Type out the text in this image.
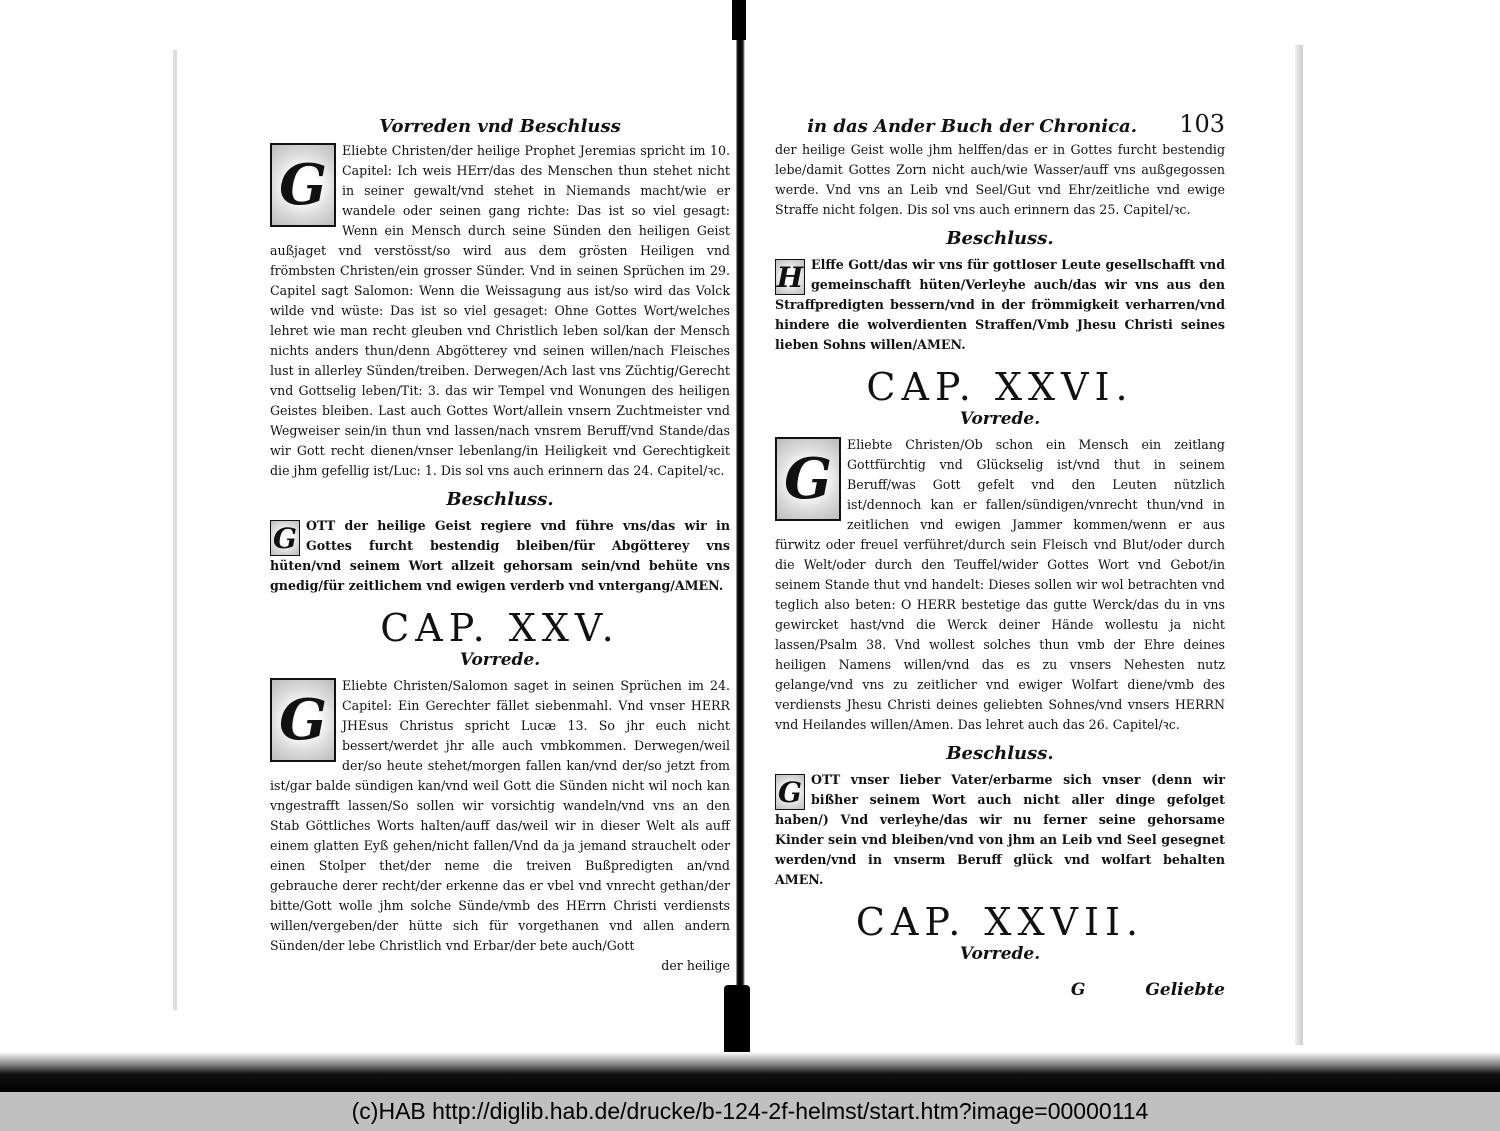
Vorreden vnd Beschluss
G

Eliebte Christen/der heilige Prophet Jeremias spricht im 10. Capitel: Ich weis HErr/das des Menschen thun stehet nicht in seiner gewalt/vnd stehet in Niemands macht/wie er wandele oder seinen gang richte: Das ist so viel gesagt: Wenn ein Mensch durch seine Sünden den heiligen Geist außjaget vnd verstösst/so wird aus dem grösten Heiligen vnd frömbsten Christen/ein grosser Sünder. Vnd in seinen Sprüchen im 29. Capitel sagt Salomon: Wenn die Weissagung aus ist/so wird das Volck wilde vnd wüste: Das ist so viel gesaget: Ohne Gottes Wort/welches lehret wie man recht gleuben vnd Christlich leben sol/kan der Mensch nichts anders thun/denn Abgötterey vnd seinen willen/nach Fleisches lust in allerley Sünden/treiben. Derwegen/Ach last vns Züchtig/Gerecht vnd Gottselig leben/Tit: 3. das wir Tempel vnd Wonungen des heiligen Geistes bleiben. Last auch Gottes Wort/allein vnsern Zuchtmeister vnd Wegweiser sein/in thun vnd lassen/nach vnsrem Beruff/vnd Stande/das wir Gott recht dienen/vnser lebenlang/in Heiligkeit vnd Gerechtigkeit die jhm gefellig ist/Luc: 1. Dis sol vns auch erinnern das 24. Capitel/ꝛc.

Beschluss.
G OTT der heilige Geist regiere vnd führe vns/das wir in Gottes furcht bestendig bleiben/für Abgötterey vns hüten/vnd seinem Wort allzeit gehorsam sein/vnd behüte vns gnedig/für zeitlichem vnd ewigen verderb vnd vntergang/AMEN.

CAP. XXV.
Vorrede.
G

Eliebte Christen/Salomon saget in seinen Sprüchen im 24. Capitel: Ein Gerechter fället siebenmahl. Vnd vnser HERR JHEsus Christus spricht Lucæ 13. So jhr euch nicht bessert/werdet jhr alle auch vmbkommen. Derwegen/weil der/so heute stehet/morgen fallen kan/vnd der/so jetzt from ist/gar balde sündigen kan/vnd weil Gott die Sünden nicht wil noch kan vngestrafft lassen/So sollen wir vorsichtig wandeln/vnd vns an den Stab Göttliches Worts halten/auff das/weil wir in dieser Welt als auff einem glatten Eyß gehen/nicht fallen/Vnd da ja jemand strauchelt oder einen Stolper thet/der neme die treiven Bußpredigten an/vnd gebrauche derer recht/der erkenne das er vbel vnd vnrecht gethan/der bitte/Gott wolle jhm solche Sünde/vmb des HErrn Christi verdiensts willen/vergeben/der hütte sich für vorgethanen vnd allen andern Sünden/der lebe Christlich vnd Erbar/der bete auch/Gott

der heilige
in das Ander Buch der Chronica.	103

der heilige Geist wolle jhm helffen/das er in Gottes furcht bestendig lebe/damit Gottes Zorn nicht auch/wie Wasser/auff vns außgegossen werde. Vnd vns an Leib vnd Seel/Gut vnd Ehr/zeitliche vnd ewige Straffe nicht folgen. Dis sol vns auch erinnern das 25. Capitel/ꝛc.

Beschluss.
H Elffe Gott/das wir vns für gottloser Leute gesellschafft vnd gemeinschafft hüten/Verleyhe auch/das wir vns aus den Straffpredigten bessern/vnd in der frömmigkeit verharren/vnd hindere die wolverdienten Straffen/Vmb Jhesu Christi seines lieben Sohns willen/AMEN.

CAP. XXVI.
Vorrede.
G

Eliebte Christen/Ob schon ein Mensch ein zeitlang Gottfürchtig vnd Glückselig ist/vnd thut in seinem Beruff/was Gott gefelt vnd den Leuten nützlich ist/dennoch kan er fallen/sündigen/vnrecht thun/vnd in zeitlichen vnd ewigen Jammer kommen/wenn er aus fürwitz oder freuel verführet/durch sein Fleisch vnd Blut/oder durch die Welt/oder durch den Teuffel/wider Gottes Wort vnd Gebot/in seinem Stande thut vnd handelt: Dieses sollen wir wol betrachten vnd teglich also beten: O HERR bestetige das gutte Werck/das du in vns gewircket hast/vnd die Werck deiner Hände wollestu ja nicht lassen/Psalm 38. Vnd wollest solches thun vmb der Ehre deines heiligen Namens willen/vnd das es zu vnsers Nehesten nutz gelange/vnd vns zu zeitlicher vnd ewiger Wolfart diene/vmb des verdiensts Jhesu Christi deines geliebten Sohnes/vnd vnsers HERRN vnd Heilandes willen/Amen. Das lehret auch das 26. Capitel/ꝛc.

Beschluss.
G OTT vnser lieber Vater/erbarme sich vnser (denn wir bißher seinem Wort auch nicht aller dinge gefolget haben/) Vnd verleyhe/das wir nu ferner seine gehorsame Kinder sein vnd bleiben/vnd von jhm an Leib vnd Seel gesegnet werden/vnd in vnserm Beruff glück vnd wolfart behalten AMEN.

CAP. XXVII.
Vorrede.
G	Geliebte
(c)HAB http://diglib.hab.de/drucke/b-124-2f-helmst/start.htm?image=00000114
